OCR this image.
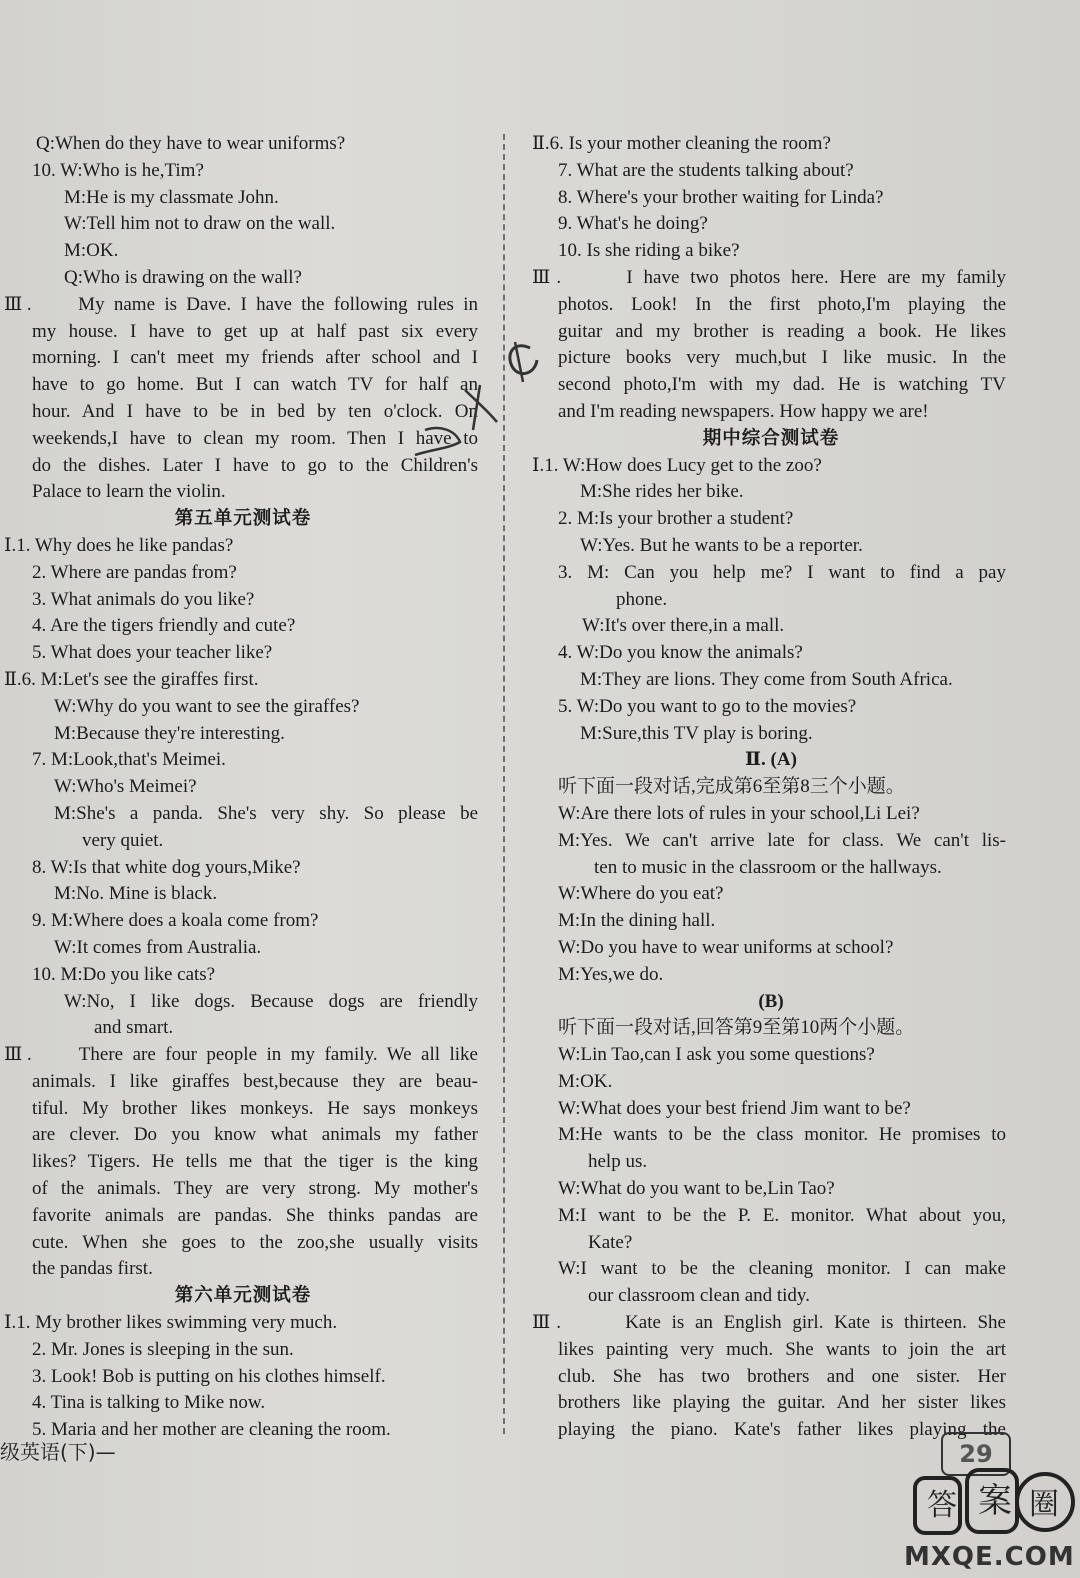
Q:When do they have to wear uniforms?
10. W:Who is he,Tim?
M:He is my classmate John.
W:Tell him not to draw on the wall.
M:OK.
Q:Who is drawing on the wall?
Ⅲ.     My name is Dave. I have the following rules in
my house. I have to get up at half past six every
morning. I can't meet my friends after school and I
have to go home. But I can watch TV for half an
hour. And I have to be in bed by ten o'clock. On
weekends,I have to clean my room. Then I have to
do the dishes. Later I have to go to the Children's
Palace to learn the violin.
第五单元测试卷
Ⅰ.1. Why does he like pandas?
2. Where are pandas from?
3. What animals do you like?
4. Are the tigers friendly and cute?
5. What does your teacher like?
Ⅱ.6. M:Let's see the giraffes first.
W:Why do you want to see the giraffes?
M:Because they're interesting.
7. M:Look,that's Meimei.
W:Who's Meimei?
M:She's a panda. She's very shy. So please be
very quiet.
8. W:Is that white dog yours,Mike?
M:No. Mine is black.
9. M:Where does a koala come from?
W:It comes from Australia.
10. M:Do you like cats?
W:No, I like dogs. Because dogs are friendly
and smart.
Ⅲ.     There are four people in my family. We all like
animals. I like giraffes best,because they are beau-
tiful. My brother likes monkeys. He says monkeys
are clever. Do you know what animals my father
likes? Tigers. He tells me that the tiger is the king
of the animals. They are very strong. My mother's
favorite animals are pandas. She thinks pandas are
cute. When she goes to the zoo,she usually visits
the pandas first.
第六单元测试卷
Ⅰ.1. My brother likes swimming very much.
2. Mr. Jones is sleeping in the sun.
3. Look! Bob is putting on his clothes himself.
4. Tina is talking to Mike now.
5. Maria and her mother are cleaning the room.
Ⅱ.6. Is your mother cleaning the room?
7. What are the students talking about?
8. Where's your brother waiting for Linda?
9. What's he doing?
10. Is she riding a bike?
Ⅲ.      I have two photos here. Here are my family
photos. Look! In the first photo,I'm playing the
guitar and my brother is reading a book. He likes
picture books very much,but I like music. In the
second photo,I'm with my dad. He is watching TV
and I'm reading newspapers. How happy we are!
期中综合测试卷
Ⅰ.1. W:How does Lucy get to the zoo?
M:She rides her bike.
2. M:Is your brother a student?
W:Yes. But he wants to be a reporter.
3. M: Can you help me? I want to find a pay
phone.
W:It's over there,in a mall.
4. W:Do you know the animals?
M:They are lions. They come from South Africa.
5. W:Do you want to go to the movies?
M:Sure,this TV play is boring.
Ⅱ. (A)
听下面一段对话,完成第6至第8三个小题。
W:Are there lots of rules in your school,Li Lei?
M:Yes. We can't arrive late for class. We can't lis-
ten to music in the classroom or the hallways.
W:Where do you eat?
M:In the dining hall.
W:Do you have to wear uniforms at school?
M:Yes,we do.
(B)
听下面一段对话,回答第9至第10两个小题。
W:Lin Tao,can I ask you some questions?
M:OK.
W:What does your best friend Jim want to be?
M:He wants to be the class monitor. He promises to
help us.
W:What do you want to be,Lin Tao?
M:I want to be the P. E. monitor. What about you,
Kate?
W:I want to be the cleaning monitor. I can make
our classroom clean and tidy.
Ⅲ.      Kate is an English girl. Kate is thirteen. She
likes painting very much. She wants to join the art
club. She has two brothers and one sister. Her
brothers like playing the guitar. And her sister likes
playing the piano. Kate's father likes playing the
级英语(下)—	29
答 案 圈
MXQE.COM
